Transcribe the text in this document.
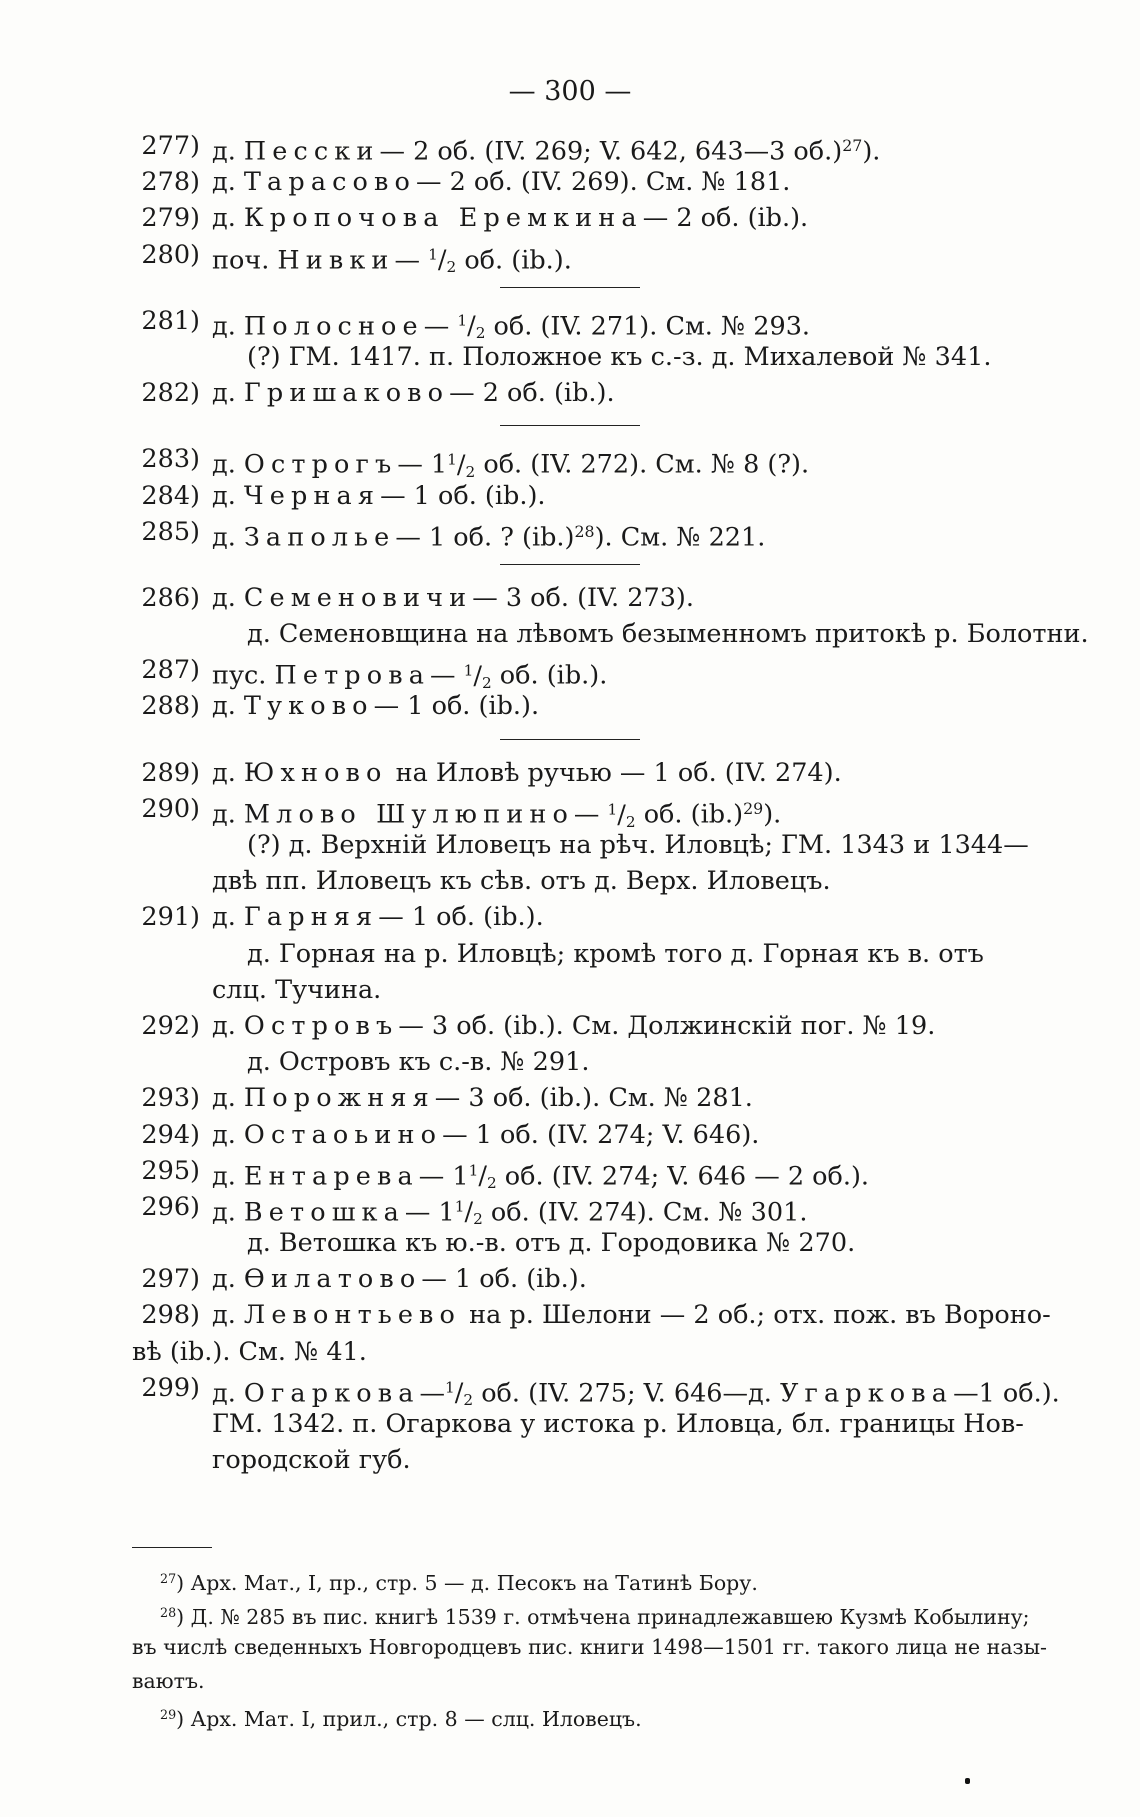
— 300 —
277) д. Песски— 2 об. (IV. 269; V. 642, 643—3 об.)$^{27}$).
278) д. Тарасово— 2 об. (IV. 269). См. № 181.
279) д. Кропочова Еремкина— 2 об. (ib.).
280) поч. Нивки— $^1/_2$ об. (ib.).
281) д. Полосное— $^1/_2$ об. (IV. 271). См. № 293.
(?) ГМ. 1417. п. Положное къ с.-з. д. Михалевой № 341.
282) д. Гришаково— 2 об. (ib.).
283) д. Острогъ— $1^1/_2$ об. (IV. 272). См. № 8 (?).
284) д. Черная— 1 об. (ib.).
285) д. Заполье— 1 об. ? (ib.)$^{28}$). См. № 221.
286) д. Семеновичи— 3 об. (IV. 273).
д. Семеновщина на лѣвомъ безыменномъ притокѣ р. Болотни.
287) пус. Петрова— $^1/_2$ об. (ib.).
288) д. Туково— 1 об. (ib.).
289) д. Юхново на Иловѣ ручью — 1 об. (IV. 274).
290) д. Млово Шулюпино— $^1/_2$ об. (ib.)$^{29}$).
(?) д. Верхній Иловецъ на рѣч. Иловцѣ; ГМ. 1343 и 1344—
двѣ пп. Иловецъ къ сѣв. отъ д. Верх. Иловецъ.
291) д. Гарняя— 1 об. (ib.).
д. Горная на р. Иловцѣ; кромѣ того д. Горная къ в. отъ
слц. Тучина.
292) д. Островъ— 3 об. (ib.). См. Должинскій пог. № 19.
д. Островъ къ с.-в. № 291.
293) д. Порожняя— 3 об. (ib.). См. № 281.
294) д. Остаоьино— 1 об. (IV. 274; V. 646).
295) д. Ентарева— $1^1/_2$ об. (IV. 274; V. 646 — 2 об.).
296) д. Ветошка— $1^1/_2$ об. (IV. 274). См. № 301.
д. Ветошка къ ю.-в. отъ д. Городовика № 270.
297) д. Ѳилатово— 1 об. (ib.).
298) д. Левонтьево на р. Шелони — 2 об.; отх. пож. въ Вороно-
вѣ (ib.). См. № 41.
299) д. $Огаркова—^1/_2$ об. (IV. 275; V. 646—д. Угаркова—1 об.).
ГМ. 1342. п. Огаркова у истока р. Иловца, бл. границы Нов-
городской губ.
$^{27}$) Арх. Мат., I, пр., стр. 5 — д. Песокъ на Татинѣ Бору.
$^{28}$) Д. № 285 въ пис. книгѣ 1539 г. отмѣчена принадлежавшею Кузмѣ Кобылину;
въ числѣ сведенныхъ Новгородцевъ пис. книги 1498—1501 гг. такого лица не назы-
ваютъ.
$^{29}$) Арх. Мат. I, прил., стр. 8 — слц. Иловецъ.
